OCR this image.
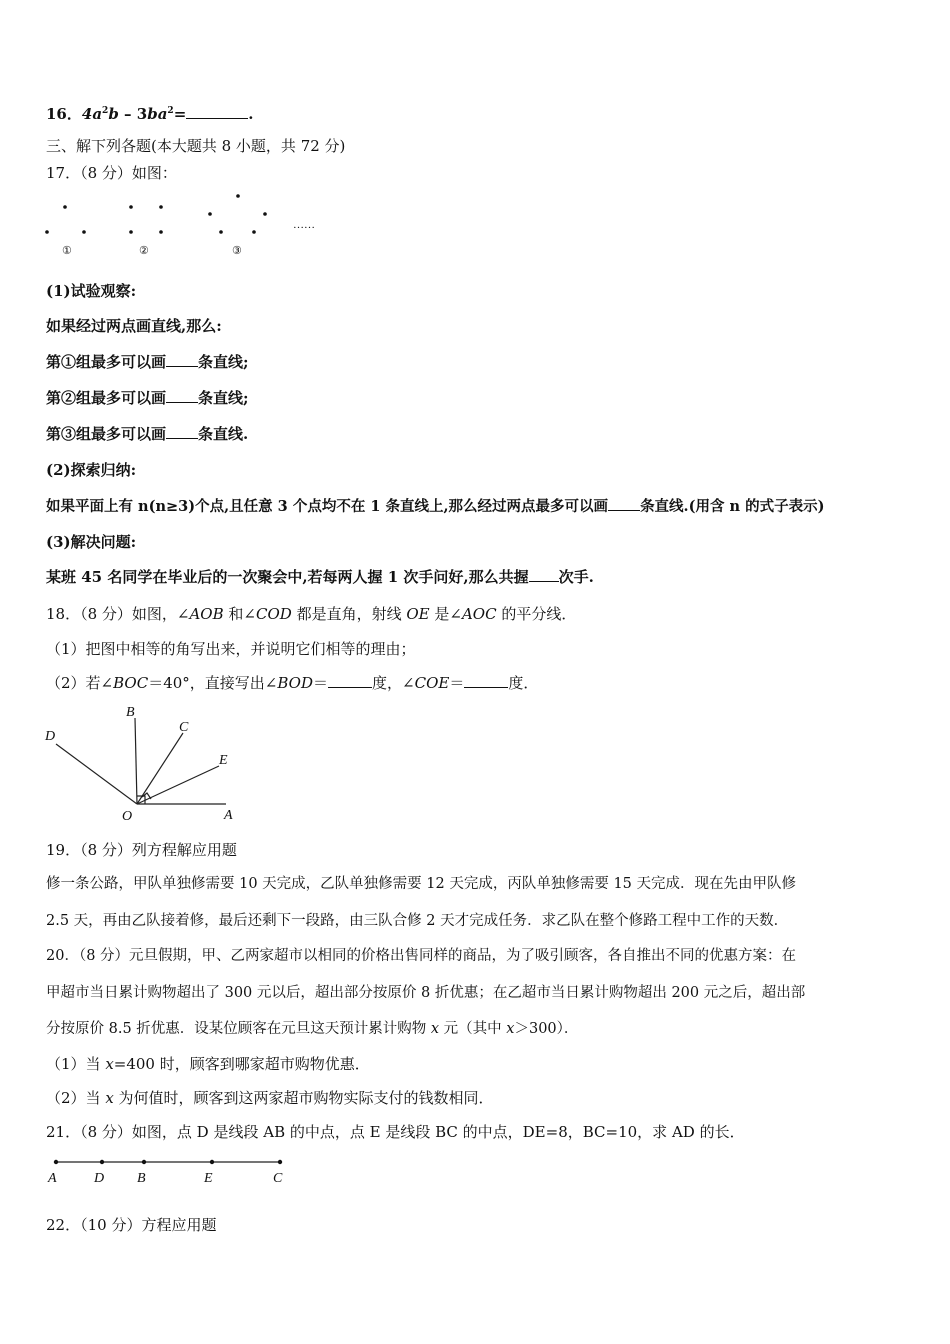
16．$4a^2b - 3ba^2=$	.
三、解下列各题(本大题共 8 小题，共 72 分)
17．（8 分）如图：
①	②	③
……
(1)试验观察:
如果经过两点画直线,那么:
第①组最多可以画 条直线;
第②组最多可以画 条直线;
第③组最多可以画 条直线.
(2)探索归纳:
如果平面上有 n(n≥3)个点,且任意 3 个点均不在 1 条直线上,那么经过两点最多可以画 条直线.(用含 n 的式子表示)
(3)解决问题:
某班 45 名同学在毕业后的一次聚会中,若每两人握 1 次手问好,那么共握 次手.
18．（8 分）如图，∠AOB 和∠COD 都是直角，射线 OE 是∠AOC 的平分线．
（1）把图中相等的角写出来，并说明它们相等的理由；
（2）若∠BOC＝40°，直接写出∠BOD＝	度，∠COE＝	度．
D
B
C
E
O	A
19．（8 分）列方程解应用题
修一条公路，甲队单独修需要 10 天完成，乙队单独修需要 12 天完成，丙队单独修需要 15 天完成．现在先由甲队修
2.5 天，再由乙队接着修，最后还剩下一段路，由三队合修 2 天才完成任务．求乙队在整个修路工程中工作的天数．
20．（8 分）元旦假期，甲、乙两家超市以相同的价格出售同样的商品，为了吸引顾客，各自推出不同的优惠方案：在
甲超市当日累计购物超出了 300 元以后，超出部分按原价 8 折优惠；在乙超市当日累计购物超出 200 元之后，超出部
分按原价 8.5 折优惠．设某位顾客在元旦这天预计累计购物 x 元（其中 x＞300）．
（1）当 x=400 时，顾客到哪家超市购物优惠．
（2）当 x 为何值时，顾客到这两家超市购物实际支付的钱数相同．
21．（8 分）如图，点 D 是线段 AB 的中点，点 E 是线段 BC 的中点，DE=8，BC=10，求 AD 的长．
A	D B	E	C
22．（10 分）方程应用题
